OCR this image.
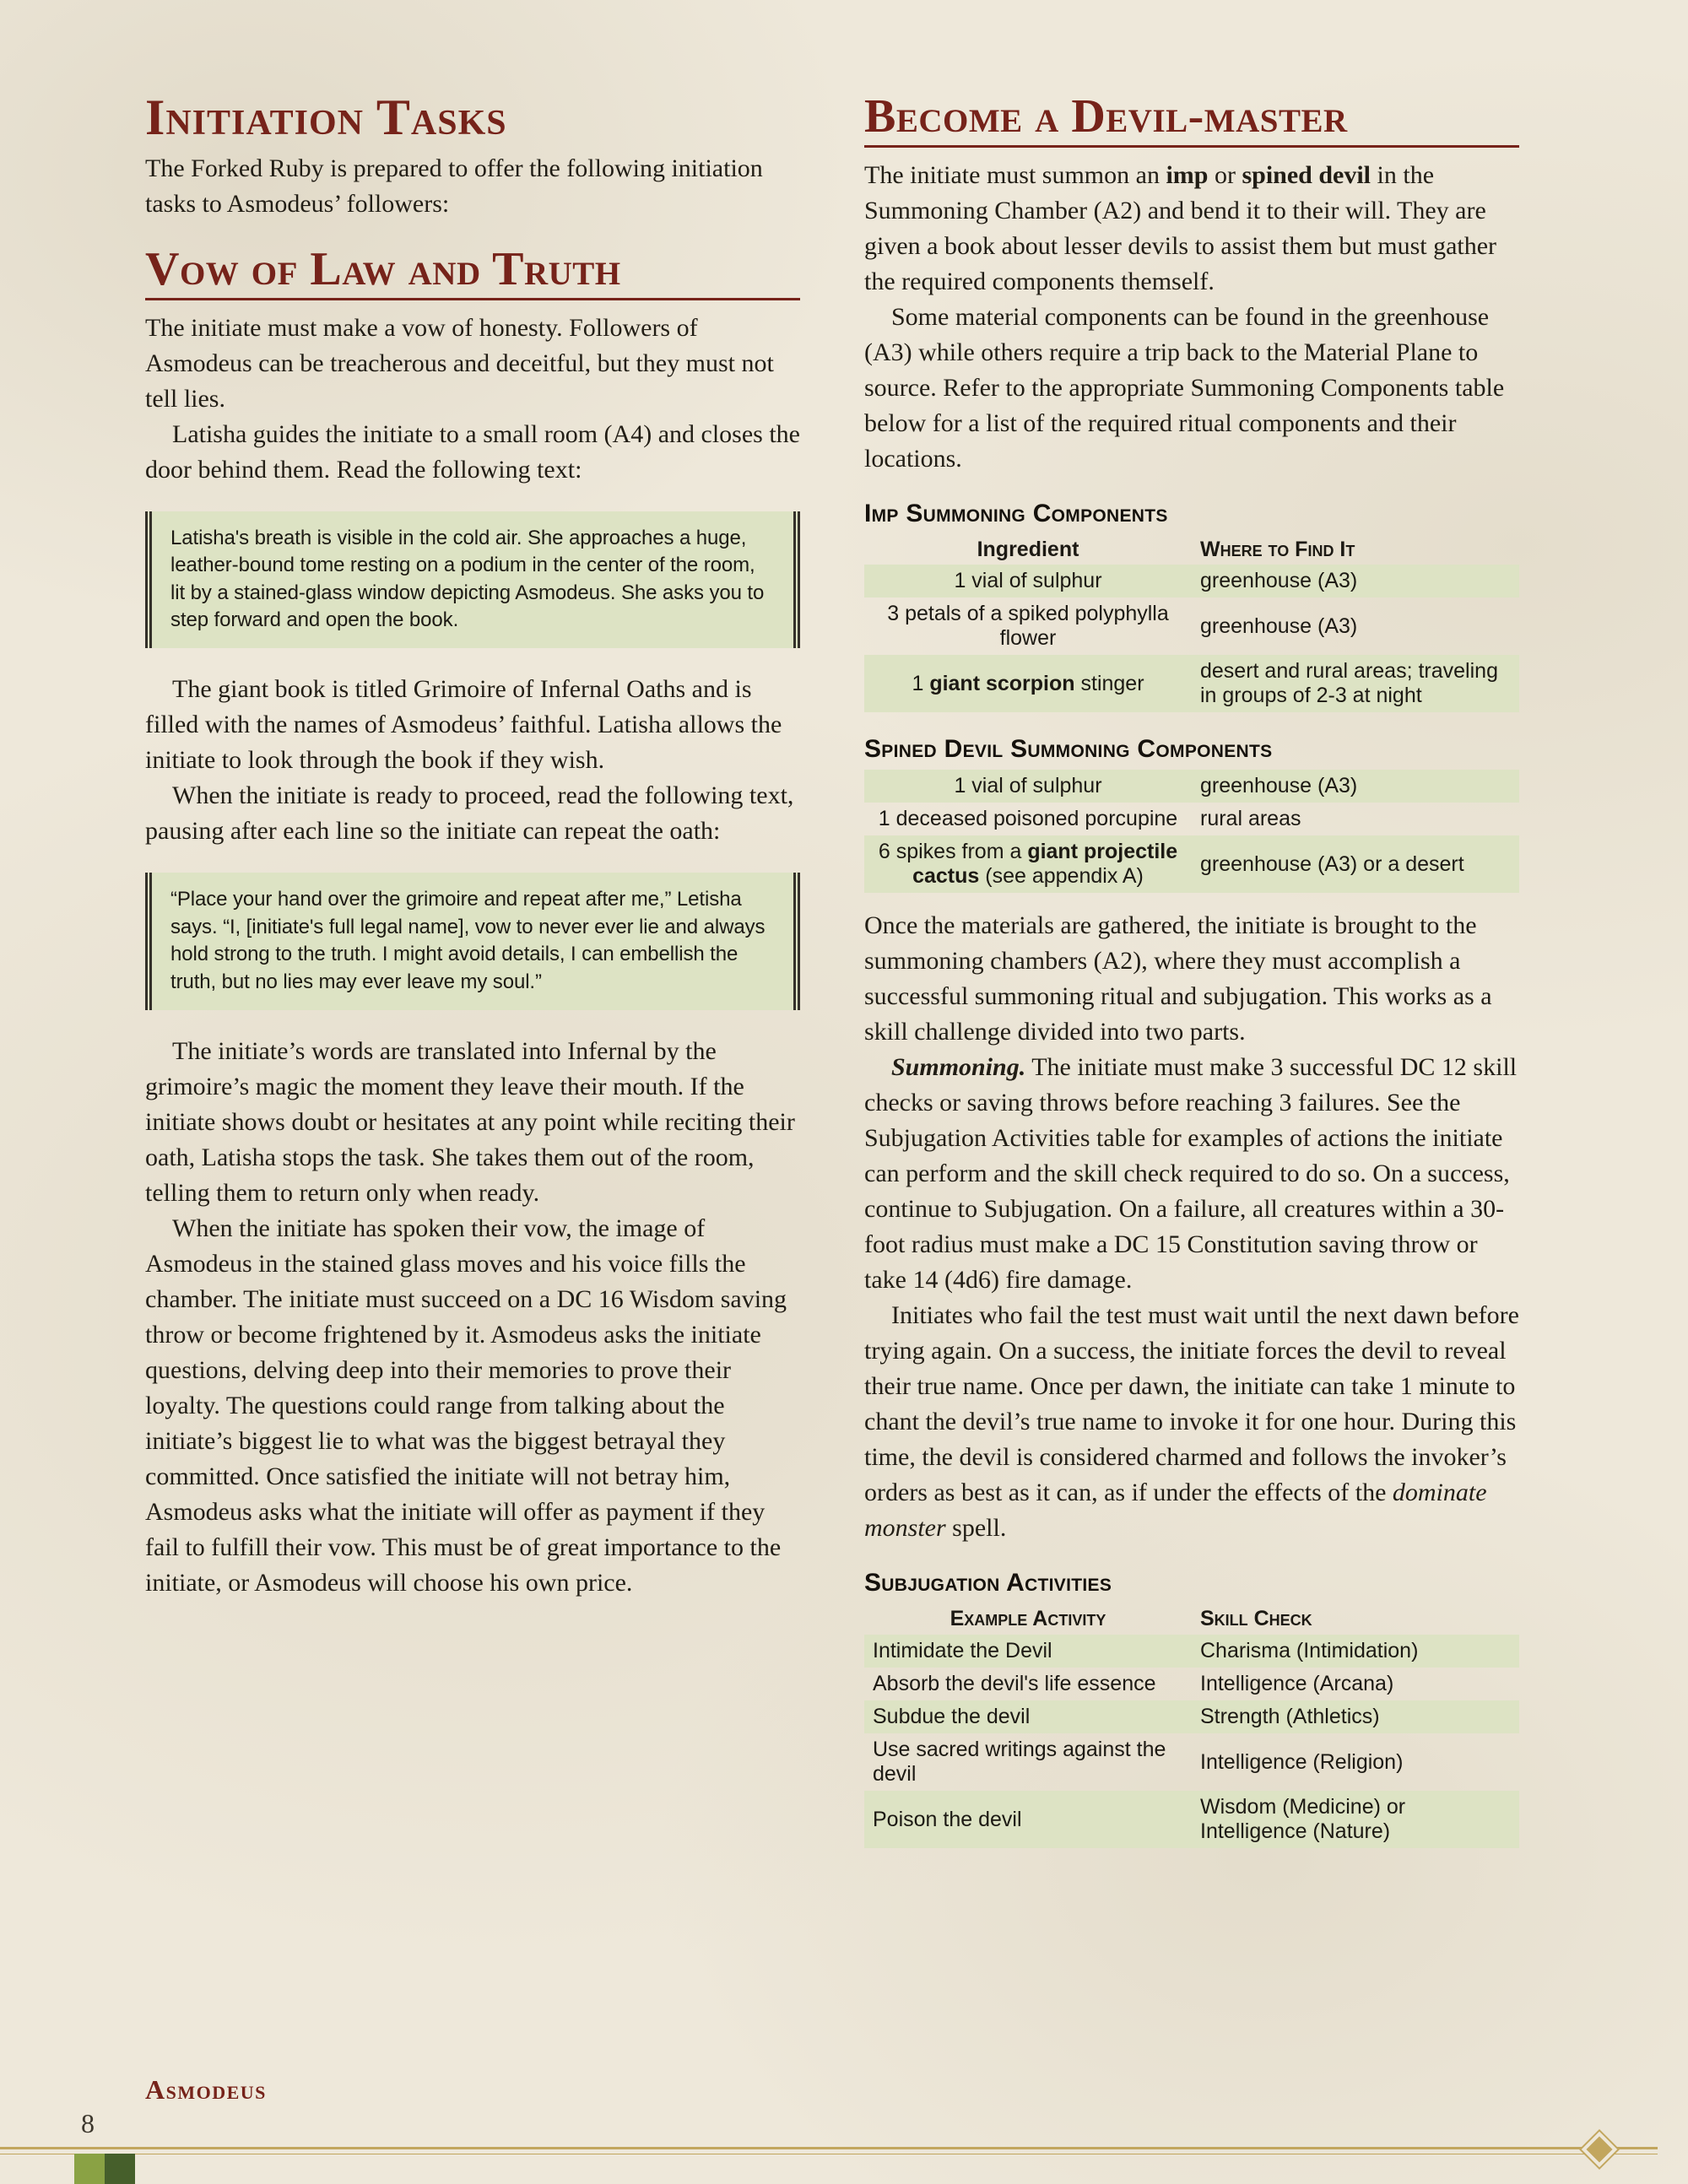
Initiation Tasks

The Forked Ruby is prepared to offer the following initiation tasks to Asmodeus’ followers:

Vow of Law and Truth

The initiate must make a vow of honesty. Followers of Asmodeus can be treacherous and deceitful, but they must not tell lies.

Latisha guides the initiate to a small room (A4) and closes the door behind them. Read the following text:

Latisha's breath is visible in the cold air. She approaches a huge, leather-bound tome resting on a podium in the center of the room, lit by a stained-glass window depicting Asmodeus. She asks you to step forward and open the book.

The giant book is titled Grimoire of Infernal Oaths and is filled with the names of Asmodeus’ faithful. Latisha allows the initiate to look through the book if they wish.

When the initiate is ready to proceed, read the following text, pausing after each line so the initiate can repeat the oath:

“Place your hand over the grimoire and repeat after me,” Letisha says. “I, [initiate's full legal name], vow to never ever lie and always hold strong to the truth. I might avoid details, I can embellish the truth, but no lies may ever leave my soul.”

The initiate’s words are translated into Infernal by the grimoire’s magic the moment they leave their mouth. If the initiate shows doubt or hesitates at any point while reciting their oath, Latisha stops the task. She takes them out of the room, telling them to return only when ready.

When the initiate has spoken their vow, the image of Asmodeus in the stained glass moves and his voice fills the chamber. The initiate must succeed on a DC 16 Wisdom saving throw or become frightened by it. Asmodeus asks the initiate questions, delving deep into their memories to prove their loyalty. The questions could range from talking about the initiate’s biggest lie to what was the biggest betrayal they committed. Once satisfied the initiate will not betray him, Asmodeus asks what the initiate will offer as payment if they fail to fulfill their vow. This must be of great importance to the initiate, or Asmodeus will choose his own price.

Become a Devil-master

The initiate must summon an imp or spined devil in the Summoning Chamber (A2) and bend it to their will. They are given a book about lesser devils to assist them but must gather the required components themself.

Some material components can be found in the greenhouse (A3) while others require a trip back to the Material Plane to source. Refer to the appropriate Summoning Components table below for a list of the required ritual components and their locations.

Imp Summoning Components
Ingredient	Where to Find It
1 vial of sulphur	greenhouse (A3)
3 petals of a spiked polyphylla flower	greenhouse (A3)
1 giant scorpion stinger	desert and rural areas; traveling in groups of 2-3 at night
Spined Devil Summoning Components
1 vial of sulphur	greenhouse (A3)
1 deceased poisoned porcupine	rural areas
6 spikes from a giant projectile cactus (see appendix A)	greenhouse (A3) or a desert

Once the materials are gathered, the initiate is brought to the summoning chambers (A2), where they must accomplish a successful summoning ritual and subjugation. This works as a skill challenge divided into two parts.

Summoning. The initiate must make 3 successful DC 12 skill checks or saving throws before reaching 3 failures. See the Subjugation Activities table for examples of actions the initiate can perform and the skill check required to do so. On a success, continue to Subjugation. On a failure, all creatures within a 30-foot radius must make a DC 15 Constitution saving throw or take 14 (4d6) fire damage.

Initiates who fail the test must wait until the next dawn before trying again. On a success, the initiate forces the devil to reveal their true name. Once per dawn, the initiate can take 1 minute to chant the devil’s true name to invoke it for one hour. During this time, the devil is considered charmed and follows the invoker’s orders as best as it can, as if under the effects of the dominate monster spell.

Subjugation Activities
Example Activity	Skill Check
Intimidate the Devil	Charisma (Intimidation)
Absorb the devil's life essence	Intelligence (Arcana)
Subdue the devil	Strength (Athletics)
Use sacred writings against the devil	Intelligence (Religion)
Poison the devil	Wisdom (Medicine) or Intelligence (Nature)
Asmodeus
8
